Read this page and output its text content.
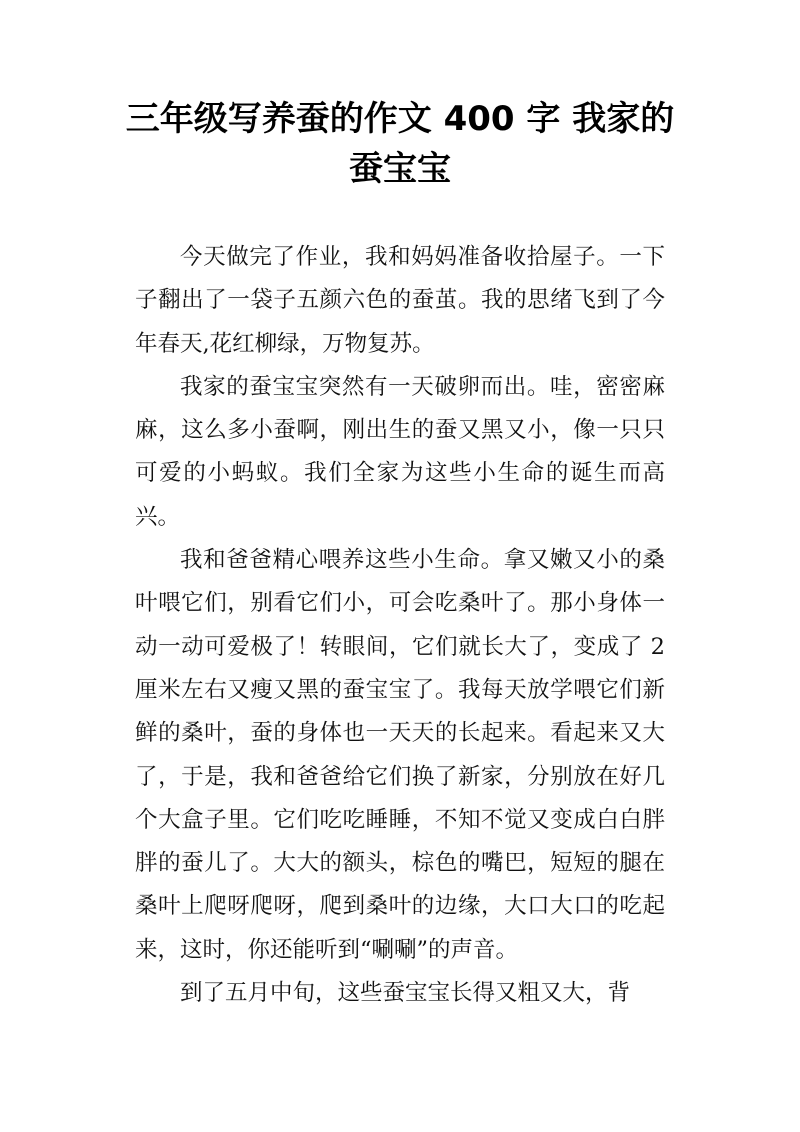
三年级写养蚕的作文 400 字 我家的蚕宝宝

今天做完了作业，我和妈妈准备收拾屋子。一下子翻出了一袋子五颜六色的蚕茧。我的思绪飞到了今年春天,花红柳绿，万物复苏。

我家的蚕宝宝突然有一天破卵而出。哇，密密麻麻，这么多小蚕啊，刚出生的蚕又黑又小，像一只只可爱的小蚂蚁。我们全家为这些小生命的诞生而高兴。

我和爸爸精心喂养这些小生命。拿又嫩又小的桑叶喂它们，别看它们小，可会吃桑叶了。那小身体一动一动可爱极了！转眼间，它们就长大了，变成了 2 厘米左右又瘦又黑的蚕宝宝了。我每天放学喂它们新鲜的桑叶，蚕的身体也一天天的长起来。看起来又大了，于是，我和爸爸给它们换了新家，分别放在好几个大盒子里。它们吃吃睡睡，不知不觉又变成白白胖胖的蚕儿了。大大的额头，棕色的嘴巴，短短的腿在桑叶上爬呀爬呀，爬到桑叶的边缘，大口大口的吃起来，这时，你还能听到“唰唰”的声音。

到了五月中旬，这些蚕宝宝长得又粗又大，背
